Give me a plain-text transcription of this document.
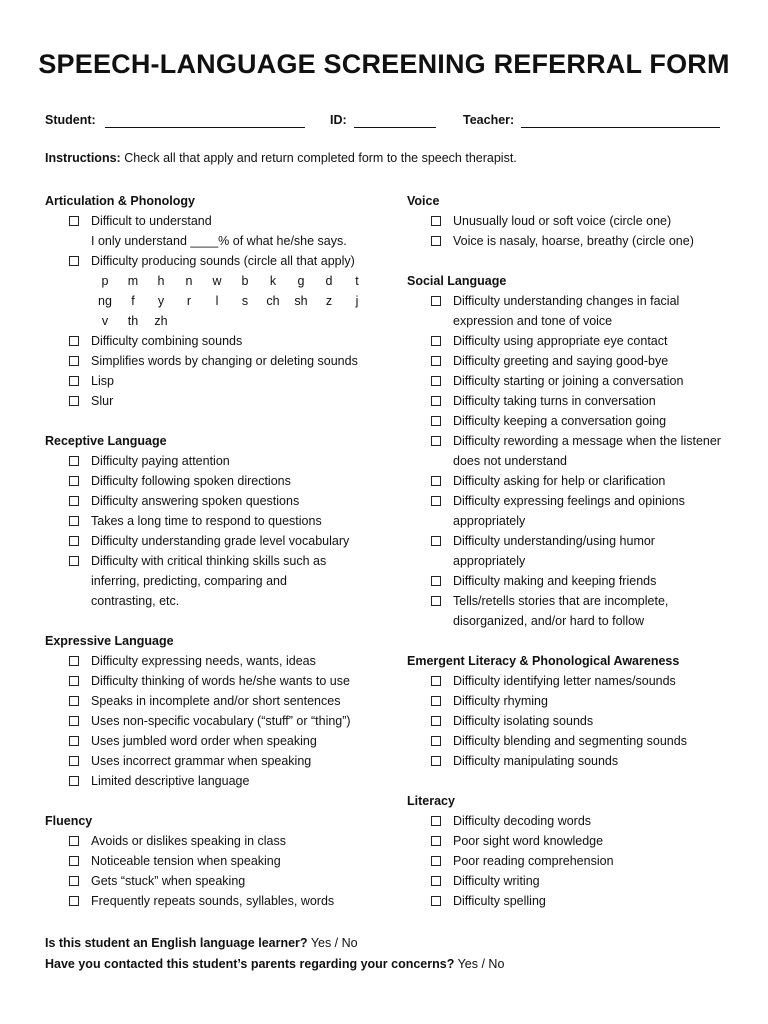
SPEECH-LANGUAGE SCREENING REFERRAL FORM
Student:	ID:	Teacher:
Instructions: Check all that apply and return completed form to the speech therapist.
Articulation & Phonology
Difficult to understand
I only understand ____% of what he/she says.
Difficulty producing sounds (circle all that apply)
p	m	h	n	w	b	k	g	d	t
ng	f	y	r	l	s	ch	sh	z	j
v	th	zh
Difficulty combining sounds
Simplifies words by changing or deleting sounds
Lisp
Slur
Receptive Language
Difficulty paying attention
Difficulty following spoken directions
Difficulty answering spoken questions
Takes a long time to respond to questions
Difficulty understanding grade level vocabulary
Difficulty with critical thinking skills such as inferring, predicting, comparing and contrasting, etc.
Expressive Language
Difficulty expressing needs, wants, ideas
Difficulty thinking of words he/she wants to use
Speaks in incomplete and/or short sentences
Uses non-specific vocabulary (“stuff” or “thing”)
Uses jumbled word order when speaking
Uses incorrect grammar when speaking
Limited descriptive language
Fluency
Avoids or dislikes speaking in class
Noticeable tension when speaking
Gets “stuck” when speaking
Frequently repeats sounds, syllables, words
Voice
Unusually loud or soft voice (circle one)
Voice is nasaly, hoarse, breathy (circle one)
Social Language
Difficulty understanding changes in facial expression and tone of voice
Difficulty using appropriate eye contact
Difficulty greeting and saying good-bye
Difficulty starting or joining a conversation
Difficulty taking turns in conversation
Difficulty keeping a conversation going
Difficulty rewording a message when the listener does not understand
Difficulty asking for help or clarification
Difficulty expressing feelings and opinions appropriately
Difficulty understanding/using humor appropriately
Difficulty making and keeping friends
Tells/retells stories that are incomplete, disorganized, and/or hard to follow
Emergent Literacy & Phonological Awareness
Difficulty identifying letter names/sounds
Difficulty rhyming
Difficulty isolating sounds
Difficulty blending and segmenting sounds
Difficulty manipulating sounds
Literacy
Difficulty decoding words
Poor sight word knowledge
Poor reading comprehension
Difficulty writing
Difficulty spelling
Is this student an English language learner? Yes / No
Have you contacted this student’s parents regarding your concerns? Yes / No
